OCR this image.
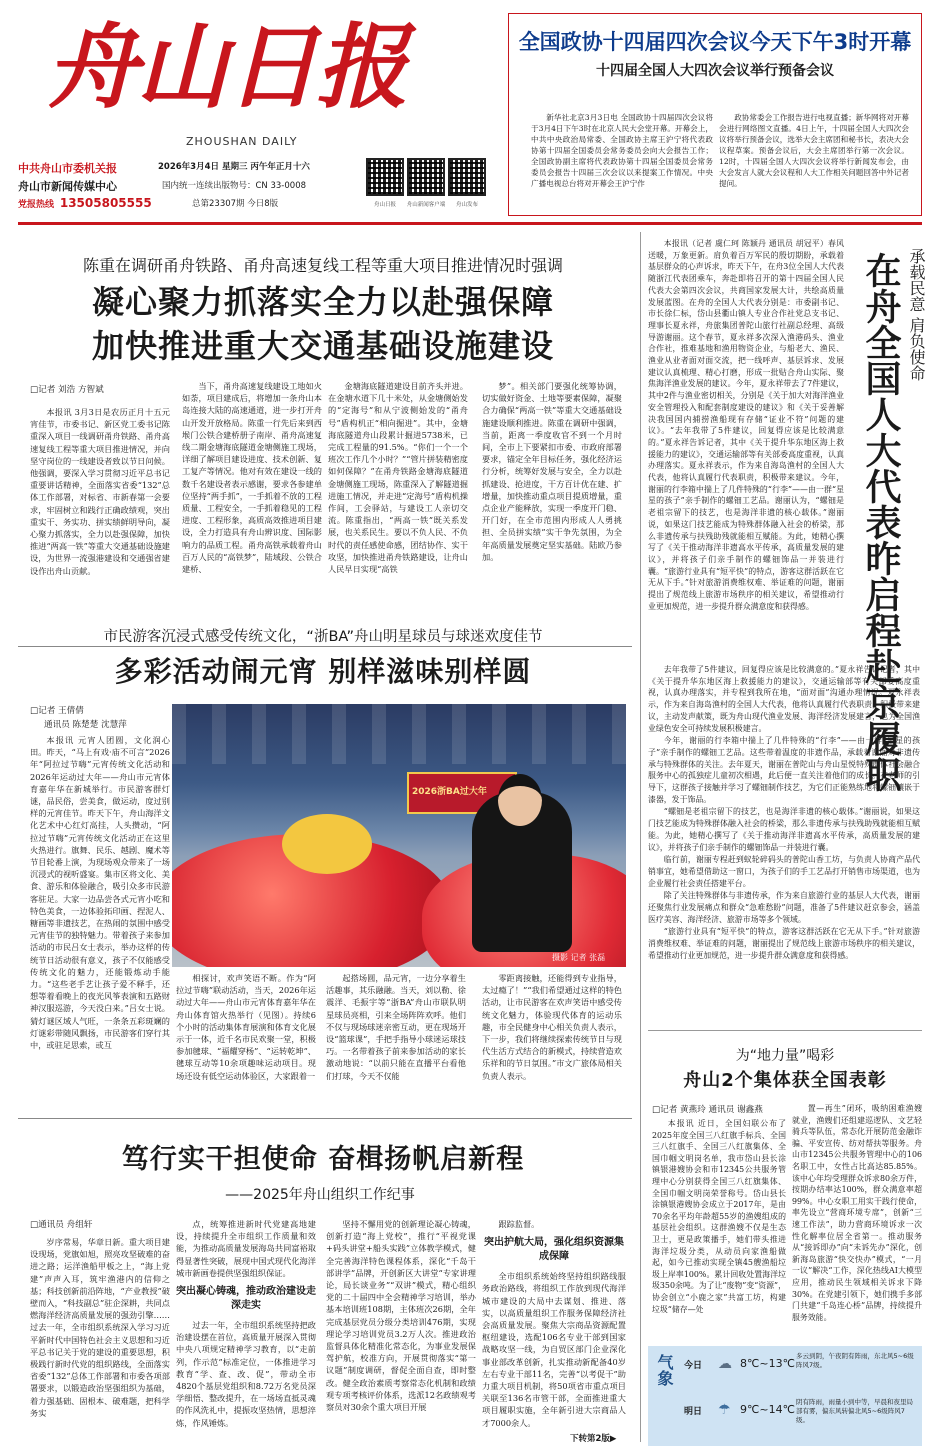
舟山日报
ZHOUSHAN DAILY
中共舟山市委机关报
舟山市新闻传媒中心
党报热线 13505805555
2026年3月4日 星期三 丙午年正月十六
国内统一连续出版物号：CN 33-0008
总第23307期 今日8版	舟山日报	舟山新闻客户端	舟山发布
全国政协十四届四次会议今天下午3时开幕
十四届全国人大四次会议举行预备会议

新华社北京3月3日电 全国政协十四届四次会议将于3月4日下午3时在北京人民大会堂开幕。开幕会上，中共中央政治局常委、全国政协主席王沪宁将代表政协第十四届全国委员会常务委员会向大会报告工作；全国政协副主席将代表政协第十四届全国委员会常务委员会报告十四届三次会议以来提案工作情况。中央广播电视总台将对开幕会王沪宁作

政协常委会工作报告进行电视直播；新华网将对开幕会进行网络图文直播。4日上午，十四届全国人大四次会议将举行预备会议，选举大会主席团和秘书长，表决大会议程草案。预备会议后，大会主席团举行第一次会议。12时，十四届全国人大四次会议将举行新闻发布会，由大会发言人就大会议程和人大工作相关问题回答中外记者提问。

陈重在调研甬舟铁路、甬舟高速复线工程等重大项目推进情况时强调
凝心聚力抓落实全力以赴强保障
加快推进重大交通基础设施建设
□记者 刘浩 方智斌

本报讯 3月3日是农历正月十五元宵佳节，市委书记、新区党工委书记陈重深入项目一线调研甬舟铁路、甬舟高速复线工程等重大项目推进情况，并向坚守岗位的一线建设者致以节日问候。他强调，要深入学习贯彻习近平总书记重要讲话精神，全面落实省委“132”总体工作部署，对标省、市新春第一会要求，牢固树立和践行正确政绩观，突出重实干、务实功、拼实绩鲜明导向，凝心聚力抓落实，全力以赴强保障，加快推进“两高一铁”等重大交通基础设施建设，为世界一流强港建设和交通强省建设作出舟山贡献。

当下，甬舟高速复线建设工地如火如荼，项目建成后，将增加一条舟山本岛连接大陆的高速通道，进一步打开舟山开发开放格局。陈重一行先后来到西堠门公铁合建桥册子南岸、甬舟高速复线二期金塘海底隧道金塘侧施工现场，详细了解项目建设进度、技术创新、复工复产等情况。他对有效在建设一线的数千名建设者表示感谢，要求各参建单位坚持“两手抓”，一手抓着不放的工程质量、工程安全，一手抓着稳见的工程进度、工程形象，高质高效推进项目建设，全力打造具有舟山辨识度、国际影响力的品质工程。甬舟高铁承载着舟山百万人民的“高铁梦”，陆域段、公铁合建桥、

金塘海底隧道建设目前齐头并进。在金塘水道下几十米处，从金塘侧始发的“定海号”和从宁波侧始发的“甬舟号”盾构机正“相向掘进”。其中，金塘海底隧道舟山段累计掘进5738米，已完成工程量的91.5%。“你们一个一个班次工作几个小时？”“管片拼装精密度如何保障？”在甬舟铁路金塘海底隧道金塘侧施工现场，陈重深入了解隧道掘进施工情况，并走进“定海号”盾构机操作间，工会驿站，与建设工人亲切交流。陈重指出，“两高一铁”既关系发展，也关系民生。要以不负人民、不负时代的责任感使命感，团结协作、实干攻坚，加快推进甬舟铁路建设，让舟山人民早日实现“高铁

梦”。相关部门要强化统筹协调，切实做好资金、土地等要素保障，凝聚合力确保“两高一铁”等重大交通基础设施建设顺利推进。陈重在调研中强调，当前，距离一季度收官不到一个月时间，全市上下要紧扣市委、市政府部署要求，锚定全年目标任务，强化经济运行分析，统筹好发展与安全，全力以赴抓建设、抢进度，干方百计优在建、扩增量，加快推动重点项目提质增量，重点企业产能释放，实现一季度开门稳、开门好，在全市范围内形成人人勇挑担、全员拼实绩”实干争先氛围，为全年高质量发展奠定坚实基础。陆欧乃参加。

承载民意 肩负使命
在舟全国人大代表昨启程赴京履职

本报讯（记者 虞仁珂 陈颖丹 通讯员 胡冠平）春风送暖，万象更新。肩负着百万军民的殷切期盼，承载着基层群众的心声诉求，昨天下午，在舟3位全国人大代表随浙江代表团乘车，奔赴即将召开的第十四届全国人民代表大会第四次会议，共商国家发展大计，共绘高质量发展蓝图。在舟的全国人大代表分别是：市委副书记、市长徐仁标，岱山县衢山镇人专业合作社党总支书记、理事长夏永祥，舟旅集团普陀山旅行社副总经理、高级导游谢丽。这个春节，夏永祥多次深入渔港码头、渔业合作社，推难基地和渔用物资企业，与船老大、渔民、渔业从业者面对面交流，把一线呼声、基层诉求、发展建议认真梳理、精心打磨，形成一批贴合舟山实际、聚焦海洋渔业发展的建议。今年，夏永祥带去了7件建议，其中2件与渔业密切相关，分别是《关于加大对海洋渔业安全管理投入和配套制度建设的建议》和《关于妥善解决我国国内捕捞渔船现有存储“证业不符”问题的建议》。“去年我带了5件建议，回复得应该是比较满意的。”夏永祥告诉记者，其中《关于提升华东地区海上救援能力的建议》，交通运输部等有关部委高度重视，认真办理落实。夏永祥表示，作为来自海岛渔村的全国人大代表，他将认真履行代表职责，积极带来建议。今年，谢丽的行李箱中揣上了几件特殊的“行李”——由一群“星星的孩子”亲手制作的螺钿工艺品。谢丽认为，“螺钿是老祖宗留下的技艺，也是海洋非遗的核心载体。”谢丽说，如果这门技艺能成为特殊群体融入社会的桥梁，那么非遗传承与扶残助残就能相互赋能。为此，她精心撰写了《关于推动海洋非遗高水平传承，高质量发展的建议》，并将孩子们亲手制作的螺钿饰品一并装进行囊。“旅游行业具有“短平快”的特点，游客这群活跃在它无从下手。”针对旅游消费维权难、举证难的问题，谢丽提出了规范线上旅游市场秩序的相关建议，希望推动行业更加规范，进一步提升群众满意度和获得感。

去年我带了5件建议，回复得应该是比较满意的。”夏永祥告诉记者，其中《关于提升华东地区海上救援能力的建议》，交通运输部等有关部委高度重视，认真办理落实，并专程到我所在地，“面对面”沟通办理情况。夏永祥表示，作为来自海岛渔村的全国人大代表，他将认真履行代表职责，积极带来建议，主动发声献策，既为舟山现代渔业发展、海洋经济发展建言，也为全国渔业绿色安全可持续发展积极建言。

今年，谢丽的行李箱中揣上了几件特殊的“行李”——由一群“星星的孩子”亲手制作的螺钿工艺品。这些带着温度的非遗作品，承载着谢丽对非遗传承与特殊群体的关注。去年夏天，谢丽在普陀山与舟山星悦特殊群体社会融合服务中心的孤独症儿童初次相遇，此后便一直关注着他们的成长。在老师的引导下，这群孩子接触并学习了螺钿制作技艺，为它们正能熟练地将螺钿镶嵌于漆器，发于饰品。

“螺钿是老祖宗留下的技艺，也是海洋非遗的核心载体。”谢丽说，如果这门技艺能成为特殊群体融入社会的桥梁，那么非遗传承与扶残助残就能相互赋能。为此，她精心撰写了《关于推动海洋非遗高水平传承，高质量发展的建议》，并将孩子们亲手制作的螺钿饰品一并装进行囊。

临行前，谢丽专程赶到蚁轮碎码头的普陀山香工坊，与负责人协商产品代销事宜，她希望借助这一窗口，为孩子们的手工艺品打开销售市场渠道，也为企业履行社会责任搭建平台。

除了关注特殊群体与非遗传承，作为来自旅游行业的基层人大代表，谢丽还聚焦行业发展痛点和群众“急难愁盼”问题，准备了5件建议赶京参会，涵盖医疗美容、海洋经济、旅游市场等多个领域。

“旅游行业具有“短平快”的特点，游客这群活跃在它无从下手。”针对旅游消费维权难、举证难的问题，谢丽提出了规范线上旅游市场秩序的相关建议，希望推动行业更加规范，进一步提升群众满意度和获得感。

市民游客沉浸式感受传统文化，“浙BA”舟山明星球员与球迷欢度佳节
多彩活动闹元宵 别样滋味别样圆
□记者 王倩倩
通讯员 陈楚楚 沈慧萍

本报讯 元宵人团圆，文化润心田。昨天，“马上有戏·庙不可言”2026年“阿拉过节嗨”元宵传统文化活动和2026年运动过大年——舟山市元宵体育嘉年华在新城举行。市民游客群灯谜，品民俗，尝美食，做运动，度过别样的元宵佳节。昨天下午，舟山海洋文化艺术中心红灯高挂，人头攒动，“阿拉过节嗨”元宵传统文化活动正在这里火热进行。旗舞、民乐、越剧、魔术等节目轮番上演，为现场观众带来了一场沉浸式的视听盛宴。集市区将文化、美食、游乐和体验融合，吸引众多市民游客驻足。大家一边品尝各式元宵小吃和特色美食，一边体验拓印画、捏泥人、糖画等非遗技艺，在热闹的氛围中感受元宵佳节的独特魅力。带着孩子来参加活动的市民吕女士表示，举办这样的传统节日活动很有意义，孩子不仅能感受传统文化的魅力，还能锻炼动手能力。“这些老手艺让孩子爱不释手，还想等着看晚上的夜光风筝表演和五路财神汉服巡游，今天没白来。”吕女士说。猜灯谜区域人气旺，一条条五彩斑斓的灯谜彩带随风飘扬，市民游客们穿行其中，或驻足思索，或互

2026浙BA过大年
摄影 记者 张磊

相探讨，欢声笑语不断。作为“阿拉过节嗨”联动活动，当天，2026年运动过大年——舟山市元宵体育嘉年华在舟山体育馆火热举行（见图）。持续6个小时的活动集体育展演和体育文化展示于一体，近千名市民欢聚一堂，积极参加毽球、“福耀穿杨”、“运转乾坤”、毽球互动等10余项趣味运动项目。现场还设有低空运动体验区，大家跟着一

起搭场圆，品元宵，一边分享着生活趣事，其乐融融。当天，刘以勒、徐震洋、毛振宇等“浙BA”舟山市联队明星球员亮相，引来全场阵阵欢呼。他们不仅与现场球迷亲密互动，更在现场开设“篮球课”，手把手指导小球迷运球技巧。一名带着孩子前来参加活动的家长激动地说：“以前只能在直播平台看他们打球，今天不仅能

零距离接触，还能得到专业指导，太过瘾了！”“我们希望通过这样的特色活动，让市民游客在欢声笑语中感受传统文化魅力，体验现代体育的运动乐趣，市全民健身中心相关负责人表示，下一步，我们将继续探索传统节日与现代生活方式结合的新模式，持续营造欢乐祥和的节日氛围。”市文广旅体局相关负责人表示。

为“地力量”喝彩
舟山2个集体获全国表彰
□记者 黄燕玲 通讯员 谢鑫燕

本报讯 近日，全国妇联公布了2025年度全国三八红旗手标兵、全国三八红旗手、全国三八红旗集体、全国巾帼文明岗名单，我市岱山县长涂镇银港嫂协会和市12345公共服务管理中心分别获得全国三八红旗集体、全国巾帼文明岗荣誉称号。岱山县长涂镇银港嫂协会成立于2017年，是由70余名平均年龄超55岁的渔嫂组成的基层社会组织。这群渔嫂不仅是生态卫士，更是政策播手，她们带头推进海洋垃圾分类，从动员向家渔船做起，如今已推动实现全镇45艘渔船垃圾上岸率100%。累计回收处置海洋垃圾350余吨。为了让“废物”变“资源”，协会创立“小鹿之家”共富工坊，构建垃圾“储存—处

置—再生”闭环，吸纳困难渔嫂就业，渔嫂们还组建巡逻队、文艺轻骑兵等队伍，常态化开展防范金融诈骗、平安宣传、纺对帮扶等服务。舟山市12345公共服务管理中心的106名职工中，女性占比高达85.85%。该中心年均受理群众诉求80余万件，按期办结率达100%，群众满意率超99%。中心女职工用实干践行使命，率先设立“营商环境专席”，创新“三速工作法”，助力营商环境诉求一次性化解率位居全省第一。推动服务从“接诉即办”向“未诉先办”深化，创新海岛旅游“快交快办”模式，“一月一议”解决“工作，深化热线AI大模型应用，推动民生领域相关诉求下降30%。在党建引领下，她们携手多部门共建“千岛连心桥”品牌，持续提升服务效能。

笃行实干担使命 奋楫扬帆启新程
——2025年舟山组织工作纪事
□通讯员 舟组轩

岁序常易，华章日新。重大项目建设现场，党旗如旭，照亮攻坚破难的奋进之路；运洋渔船甲板之上，“海上党建”声声入耳，筑牢渔港内的信仰之基；科技创新前沿阵地，“产业教授”破壁而入，“科技副总”驻企深耕，共同点燃海洋经济高质量发展的强劲引擎……过去一年，全市组织系统深入学习习近平新时代中国特色社会主义思想和习近平总书记关于党的建设的重要思想，积极践行新时代党的组织路线，全面落实省委“132”总体工作部署和市委各项部署要求，以锻造政治坚强组织为基础，着力强基础、固根本、破难题，把科学务实

点，统筹推进新时代党建高地建设，持续提升全市组织工作质量和效能，为推动高质量发展海岛共同富裕取得显著性突破，展现中国式现代化海洋城市新画卷提供坚强组织保证。

突出凝心铸魂，推动政治建设走深走实

过去一年，全市组织系统坚持把政治建设摆在首位，高质量开展深入贯彻中央八项规定精神学习教育，以“走前列，作示范”标准定位，一体推进学习教育“学、查、改、促”，带动全市4820个基层党组织和8.72万名党员深学细悟、整改提升，在一场场直抵灵魂的作风洗礼中，提振攻坚热情，思想淬炼，作风锤炼。

坚持不懈用党的创新理论凝心铸魂，创新打造“海上党校”，推行“平视党课+码头讲堂+船头实践”立体教学模式，健全完善海洋特色课程体系，深化“千岛干部讲学”品牌，开创新区大讲堂“专家讲理论，局长谈业务”“双讲”模式，精心组织党的二十届四中全会精神学习培训，举办基本培训班108期，主体班次26期，全年完成基层党员分级分类培训476期，实现理论学习培训党员3.2万人次。推进政治监督具体化精准化常态化，为事业发展保驾护航，校准方向，开展贯彻落实“第一议题”制度调研，督促全面自查，即时整改。健全政治素质考察常态化机制和政绩观专项考核评价体系，选派12名政绩观考察员对30余个重大项目开展

跟踪监督。

突出护航大局，强化组织资源集成保障

全市组织系统始终坚持组织路线服务政治路线，将组织工作放到现代海洋城市建设的大局中去谋划、推进、落实，以高质量组织工作服务保障经济社会高质量发展。聚焦大宗商品资源配置枢纽建设，选配106名专业干部到国家战略攻坚一线，为自贸区部门企业深化事业部改革创新，扎实推动新配备40岁左右专业干部11名，完善“以考促干”助力重大项目机制，将50项省市重点项目关联至136名市管干部，全面推进重大项目履职实施，全年新引进大宗商品人才7000余人。

下转第2版▶
气象 今日 ☁ 8℃~13℃
多云到阴，午夜阴有阵雨，东北风5~6级阵风7级。
明日 ☂ 9℃~14℃
阴有阵雨，雨量小到中等，早晨和夜里局部有雾，偏东风转偏北风5~6级阵风7级。
